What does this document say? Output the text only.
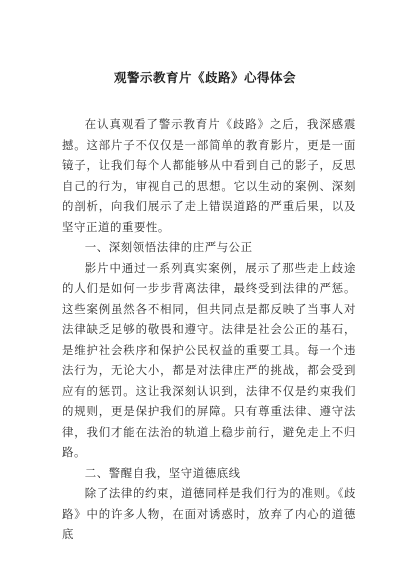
观警示教育片《歧路》心得体会

在认真观看了警示教育片《歧路》之后，我深感震撼。这部片子不仅仅是一部简单的教育影片，更是一面镜子，让我们每个人都能够从中看到自己的影子，反思自己的行为，审视自己的思想。它以生动的案例、深刻的剖析，向我们展示了走上错误道路的严重后果，以及坚守正道的重要性。

一、深刻领悟法律的庄严与公正

影片中通过一系列真实案例，展示了那些走上歧途的人们是如何一步步背离法律，最终受到法律的严惩。这些案例虽然各不相同，但共同点是都反映了当事人对法律缺乏足够的敬畏和遵守。法律是社会公正的基石，是维护社会秩序和保护公民权益的重要工具。每一个违法行为，无论大小，都是对法律庄严的挑战，都会受到应有的惩罚。这让我深刻认识到，法律不仅是约束我们的规则，更是保护我们的屏障。只有尊重法律、遵守法律，我们才能在法治的轨道上稳步前行，避免走上不归路。

二、警醒自我，坚守道德底线

除了法律的约束，道德同样是我们行为的准则。《歧路》中的许多人物，在面对诱惑时，放弃了内心的道德底
